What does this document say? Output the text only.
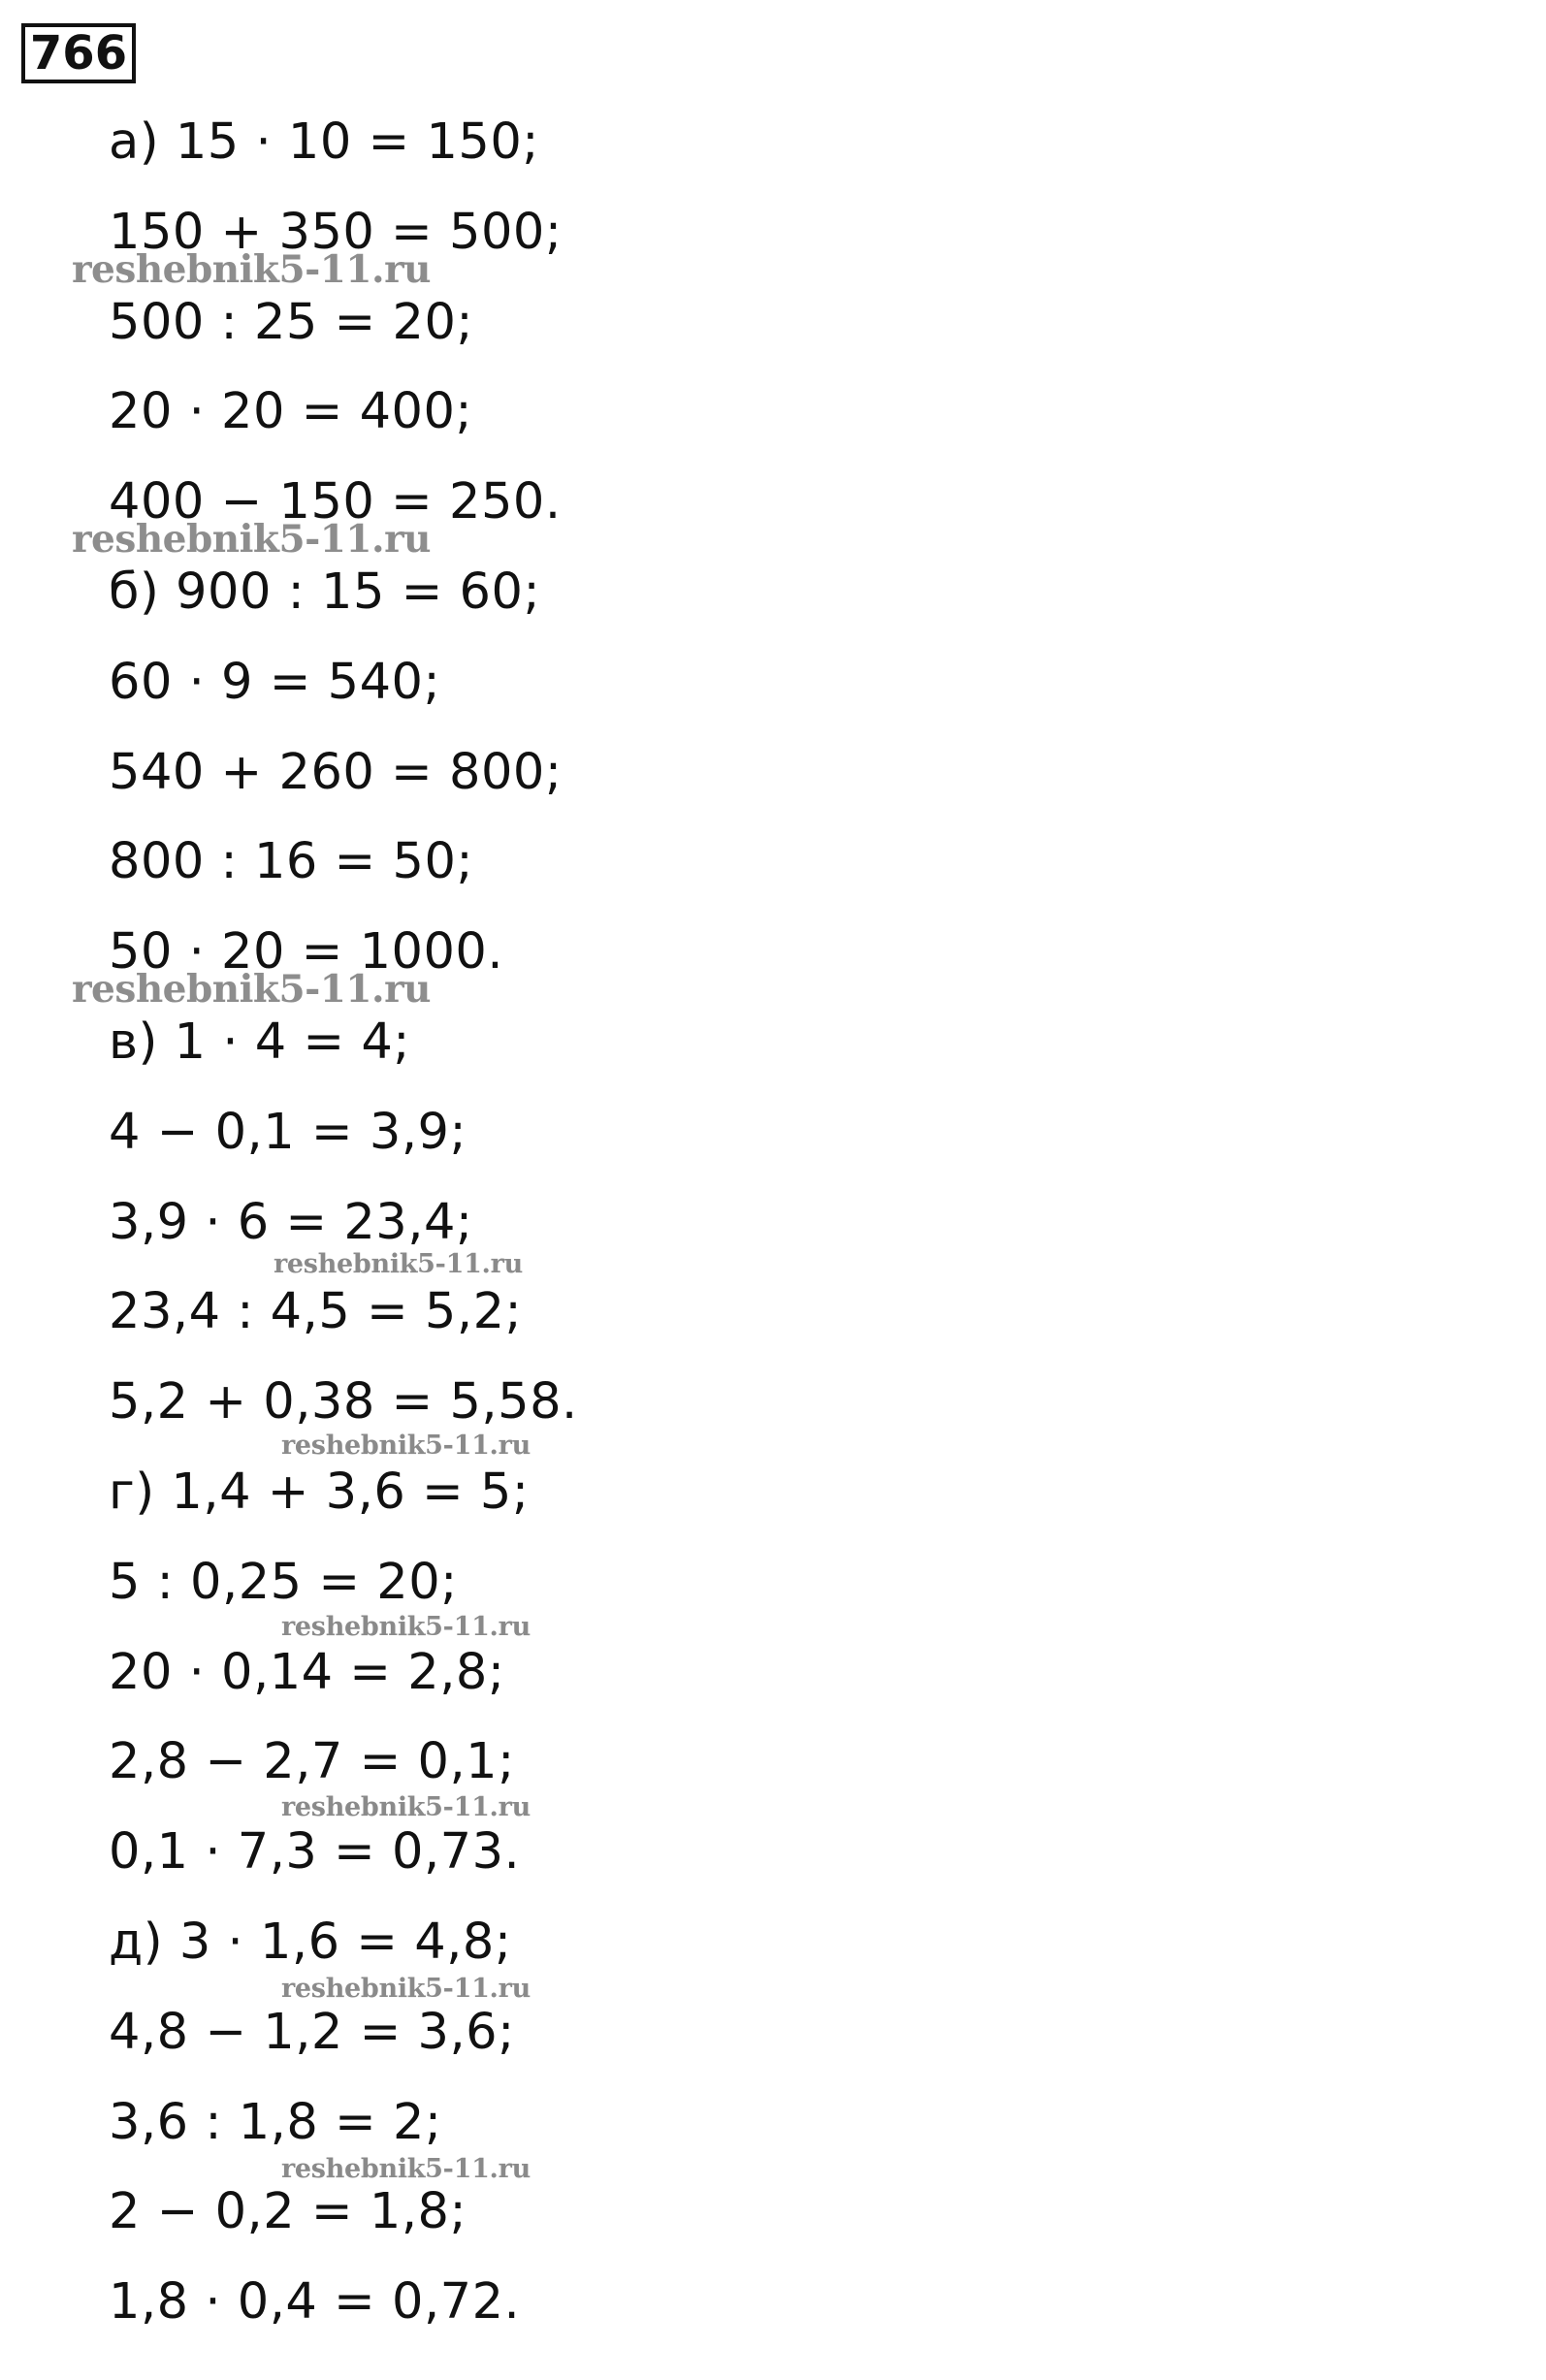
766
а) 15 · 10 = 150;
150 + 350 = 500;
500 : 25 = 20;
20 · 20 = 400;
400 − 150 = 250.
б) 900 : 15 = 60;
60 · 9 = 540;
540 + 260 = 800;
800 : 16 = 50;
50 · 20 = 1000.
в) 1 · 4 = 4;
4 − 0,1 = 3,9;
3,9 · 6 = 23,4;
23,4 : 4,5 = 5,2;
5,2 + 0,38 = 5,58.
г) 1,4 + 3,6 = 5;
5 : 0,25 = 20;
20 · 0,14 = 2,8;
2,8 − 2,7 = 0,1;
0,1 · 7,3 = 0,73.
д) 3 · 1,6 = 4,8;
4,8 − 1,2 = 3,6;
3,6 : 1,8 = 2;
2 − 0,2 = 1,8;
1,8 · 0,4 = 0,72.
reshebnik5-11.ru
reshebnik5-11.ru
reshebnik5-11.ru
reshebnik5-11.ru
reshebnik5-11.ru
reshebnik5-11.ru
reshebnik5-11.ru
reshebnik5-11.ru
reshebnik5-11.ru
